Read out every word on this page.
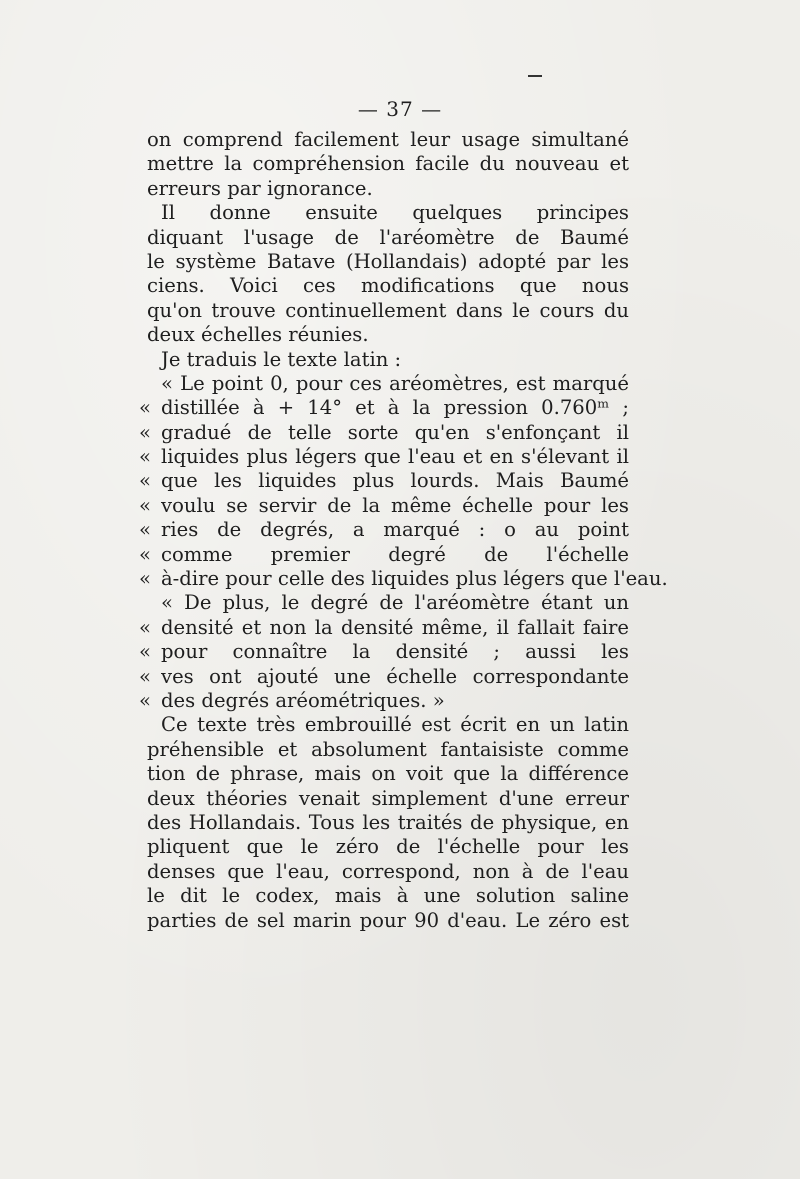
— 37 —
on comprend facilement leur usage simultané
mettre la compréhension facile du nouveau et
erreurs par ignorance.
Il donne ensuite quelques principes
diquant l'usage de l'aréomètre de Baumé
le système Batave (Hollandais) adopté par les
ciens. Voici ces modifications que nous
qu'on trouve continuellement dans le cours du
deux échelles réunies.
Je traduis le texte latin :
« Le point 0, pour ces aréomètres, est marqué
« distillée à + 14° et à la pression 0.760ᵐ ;
« gradué de telle sorte qu'en s'enfonçant il
« liquides plus légers que l'eau et en s'élevant il
« que les liquides plus lourds. Mais Baumé
« voulu se servir de la même échelle pour les
« ries de degrés, a marqué : o au point
« comme premier degré de l'échelle
« à-dire pour celle des liquides plus légers que l'eau.
« De plus, le degré de l'aréomètre étant un
« densité et non la densité même, il fallait faire
« pour connaître la densité ; aussi les
« ves ont ajouté une échelle correspondante
« des degrés aréométriques. »
Ce texte très embrouillé est écrit en un latin
préhensible et absolument fantaisiste comme
tion de phrase, mais on voit que la différence
deux théories venait simplement d'une erreur
des Hollandais. Tous les traités de physique, en
pliquent que le zéro de l'échelle pour les
denses que l'eau, correspond, non à de l'eau
le dit le codex, mais à une solution saline
parties de sel marin pour 90 d'eau. Le zéro est
